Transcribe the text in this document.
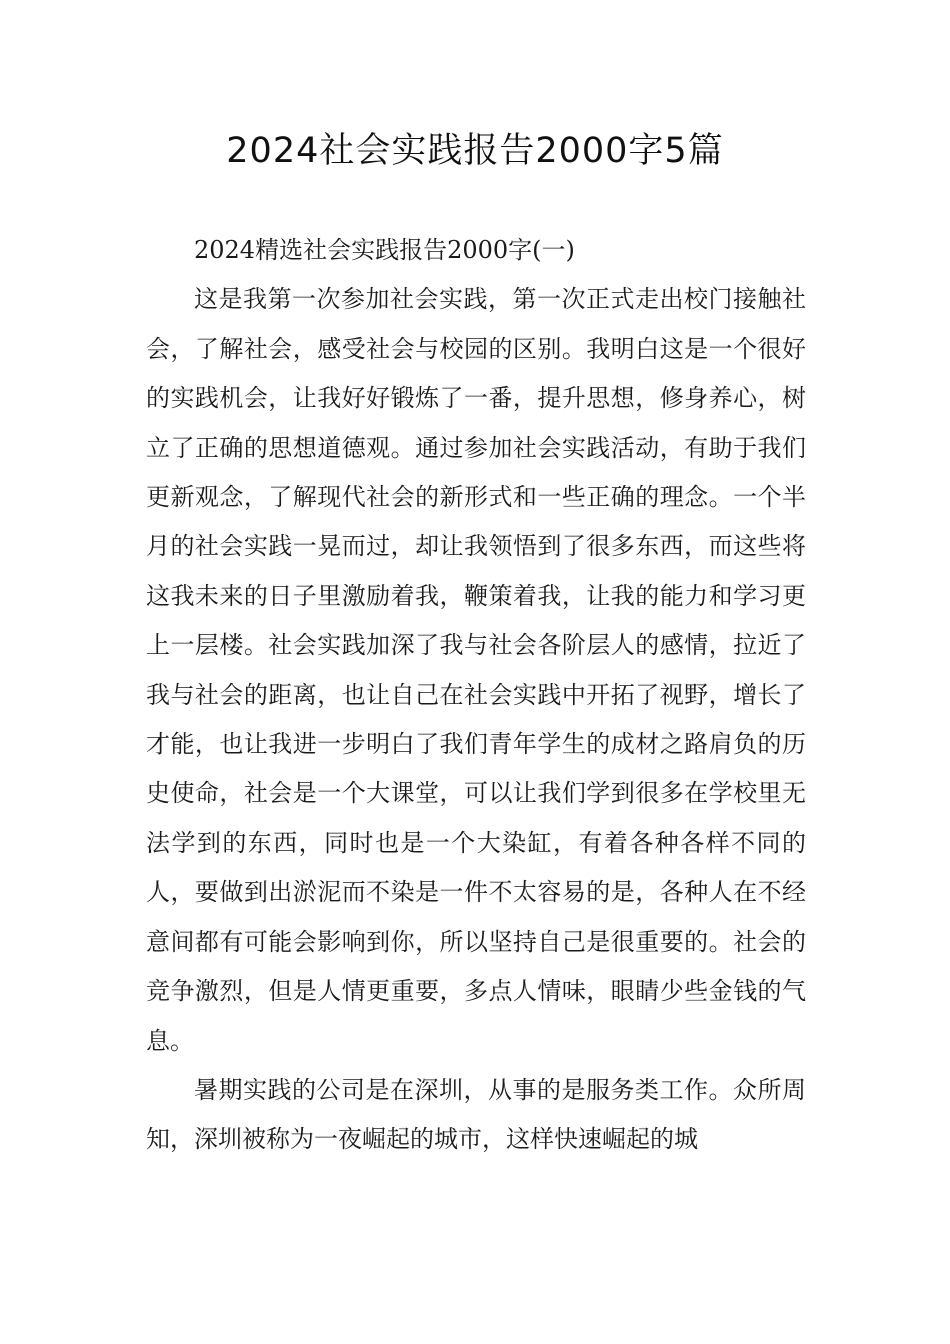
2024社会实践报告2000字5篇

2024精选社会实践报告2000字(一)

这是我第一次参加社会实践，第一次正式走出校门接触社会，了解社会，感受社会与校园的区别。我明白这是一个很好的实践机会，让我好好锻炼了一番，提升思想，修身养心，树立了正确的思想道德观。通过参加社会实践活动，有助于我们更新观念，了解现代社会的新形式和一些正确的理念。一个半月的社会实践一晃而过，却让我领悟到了很多东西，而这些将这我未来的日子里激励着我，鞭策着我，让我的能力和学习更上一层楼。社会实践加深了我与社会各阶层人的感情，拉近了我与社会的距离，也让自己在社会实践中开拓了视野，增长了才能，也让我进一步明白了我们青年学生的成材之路肩负的历史使命，社会是一个大课堂，可以让我们学到很多在学校里无法学到的东西，同时也是一个大染缸，有着各种各样不同的人，要做到出淤泥而不染是一件不太容易的是，各种人在不经意间都有可能会影响到你，所以坚持自己是很重要的。社会的竞争激烈，但是人情更重要，多点人情味，眼睛少些金钱的气息。

暑期实践的公司是在深圳，从事的是服务类工作。众所周知，深圳被称为一夜崛起的城市，这样快速崛起的城
